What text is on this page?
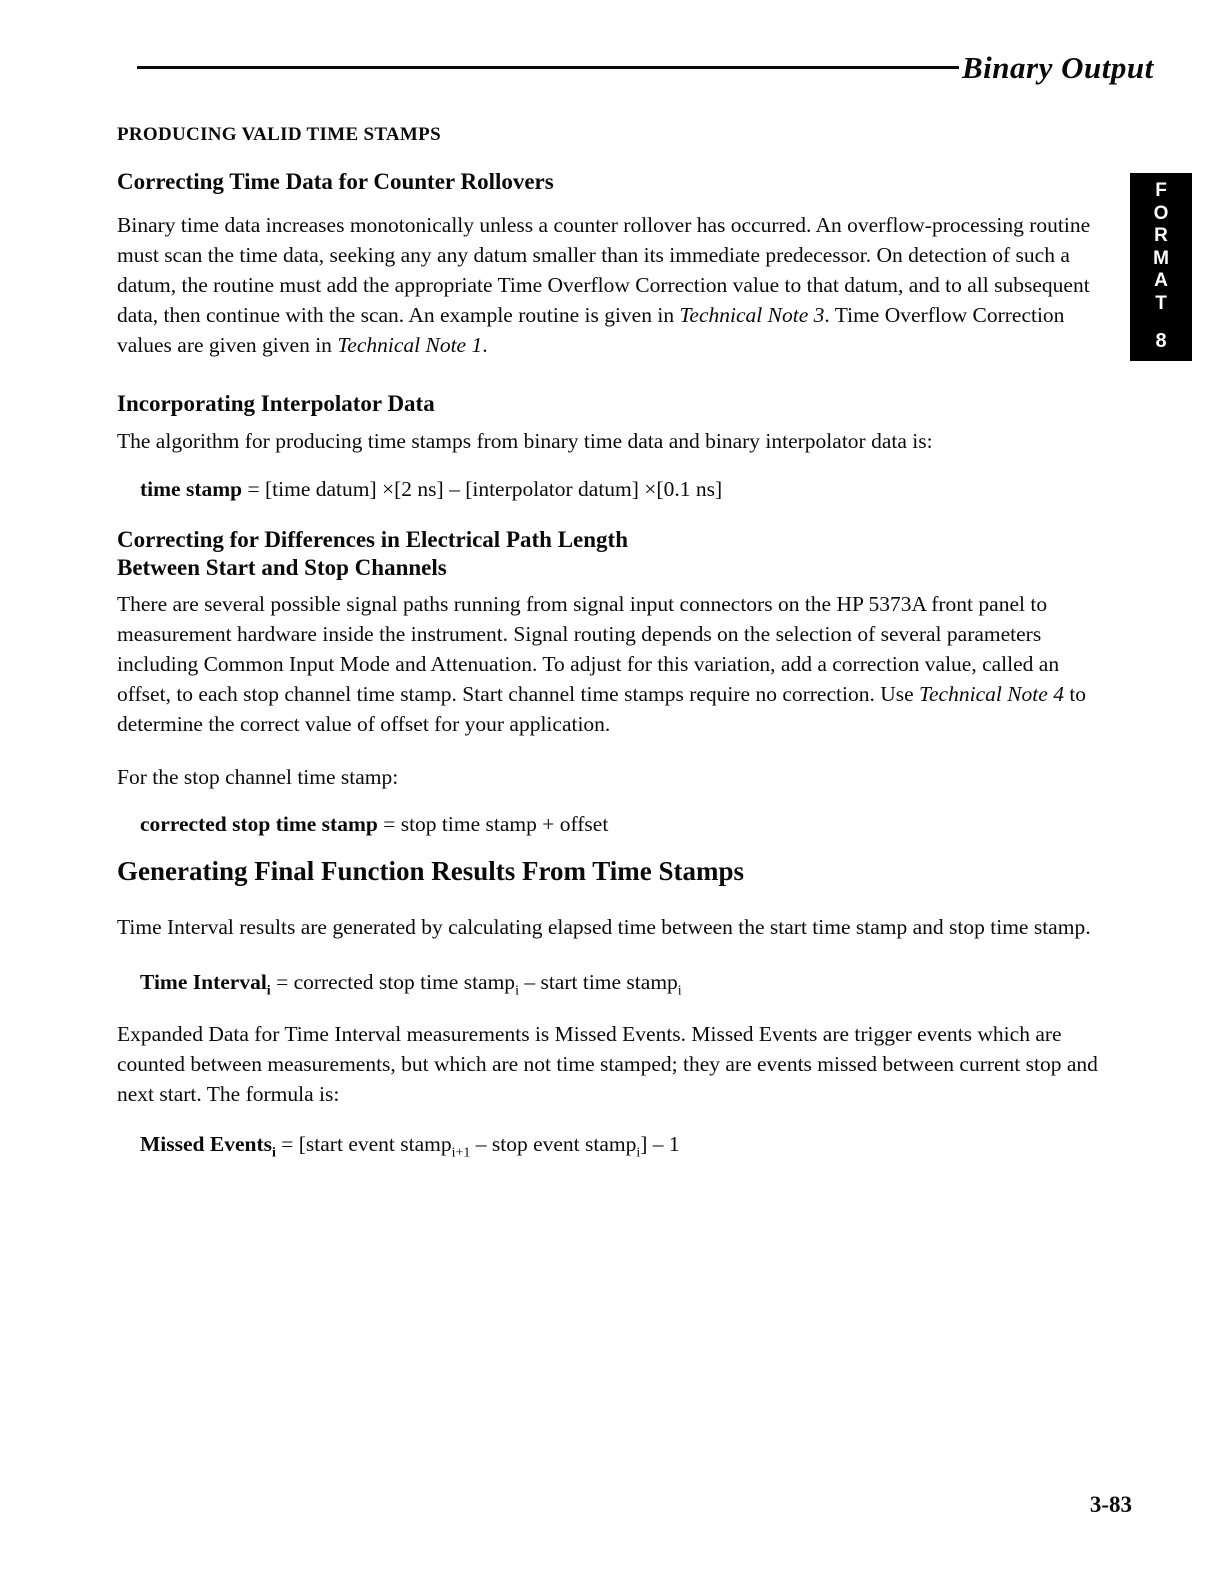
Binary Output
F
O
R
M
A
T
8
PRODUCING VALID TIME STAMPS
Correcting Time Data for Counter Rollovers

Binary time data increases monotonically unless a counter rollover has occurred. An overflow-processing routine must scan the time data, seeking any any datum smaller than its immediate predecessor. On detection of such a datum, the routine must add the appropriate Time Overflow Correction value to that datum, and to all subsequent data, then continue with the scan. An example routine is given in Technical Note 3. Time Overflow Correction values are given given in Technical Note 1.

Incorporating Interpolator Data

The algorithm for producing time stamps from binary time data and binary interpolator data is:

time stamp = [time datum] ×[2 ns] – [interpolator datum] ×[0.1 ns]

Correcting for Differences in Electrical Path Length
Between Start and Stop Channels

There are several possible signal paths running from signal input connectors on the HP 5373A front panel to measurement hardware inside the instrument. Signal routing depends on the selection of several parameters including Common Input Mode and Attenuation. To adjust for this variation, add a correction value, called an offset, to each stop channel time stamp. Start channel time stamps require no correction. Use Technical Note 4 to determine the correct value of offset for your application.

For the stop channel time stamp:

corrected stop time stamp = stop time stamp + offset

Generating Final Function Results From Time Stamps

Time Interval results are generated by calculating elapsed time between the start time stamp and stop time stamp.

Time Interval$_i$ = corrected stop time stamp$_i$ – start time stamp$_i$

Expanded Data for Time Interval measurements is Missed Events. Missed Events are trigger events which are counted between measurements, but which are not time stamped; they are events missed between current stop and next start. The formula is:

Missed Events$_i$ = [start event stamp$_{i+1}$ – stop event stamp$_i$] – 1

3-83
